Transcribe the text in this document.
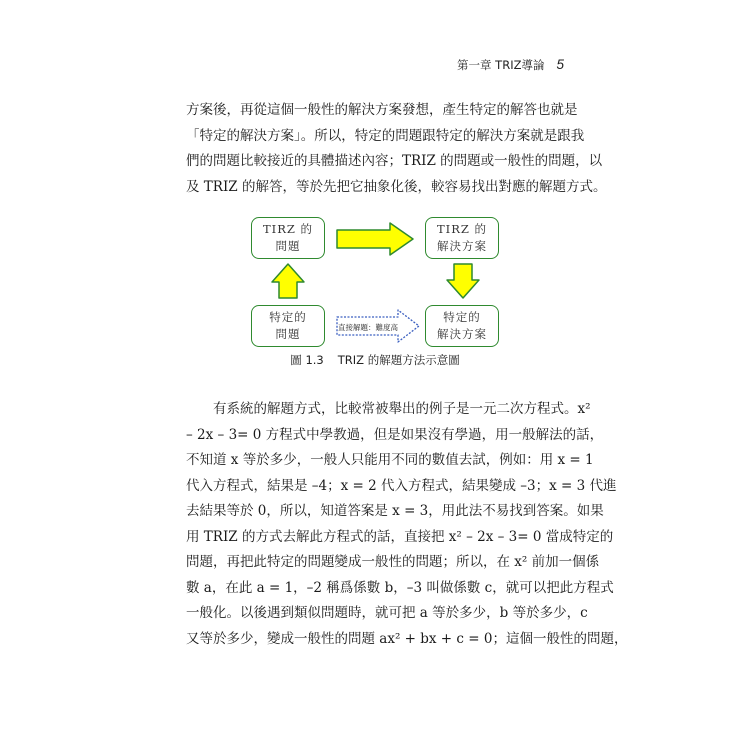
第一章 TRIZ導論 5
方案後，再從這個一般性的解決方案發想，產生特定的解答也就是
「特定的解決方案」。所以，特定的問題跟特定的解決方案就是跟我
們的問題比較接近的具體描述內容；TRIZ 的問題或一般性的問題，以
及 TRIZ 的解答，等於先把它抽象化後，較容易找出對應的解題方式。
TIRZ 的
問題
TIRZ 的
解決方案
特定的
問題
特定的
解決方案
直接解題：難度高
圖 1.3 TRIZ 的解題方法示意圖
　　有系統的解題方式，比較常被舉出的例子是一元二次方程式。x²
– 2x – 3= 0 方程式中學教過，但是如果沒有學過，用一般解法的話，
不知道 x 等於多少，一般人只能用不同的數值去試，例如：用 x = 1
代入方程式，結果是 –4；x = 2 代入方程式，結果變成 –3；x = 3 代進
去結果等於 0，所以，知道答案是 x = 3，用此法不易找到答案。如果
用 TRIZ 的方式去解此方程式的話，直接把 x² – 2x – 3= 0 當成特定的
問題，再把此特定的問題變成一般性的問題；所以，在 x² 前加一個係
數 a，在此 a = 1，–2 稱爲係數 b，–3 叫做係數 c，就可以把此方程式
一般化。以後遇到類似問題時，就可把 a 等於多少，b 等於多少，c
又等於多少，變成一般性的問題 ax² + bx + c = 0；這個一般性的問題，
